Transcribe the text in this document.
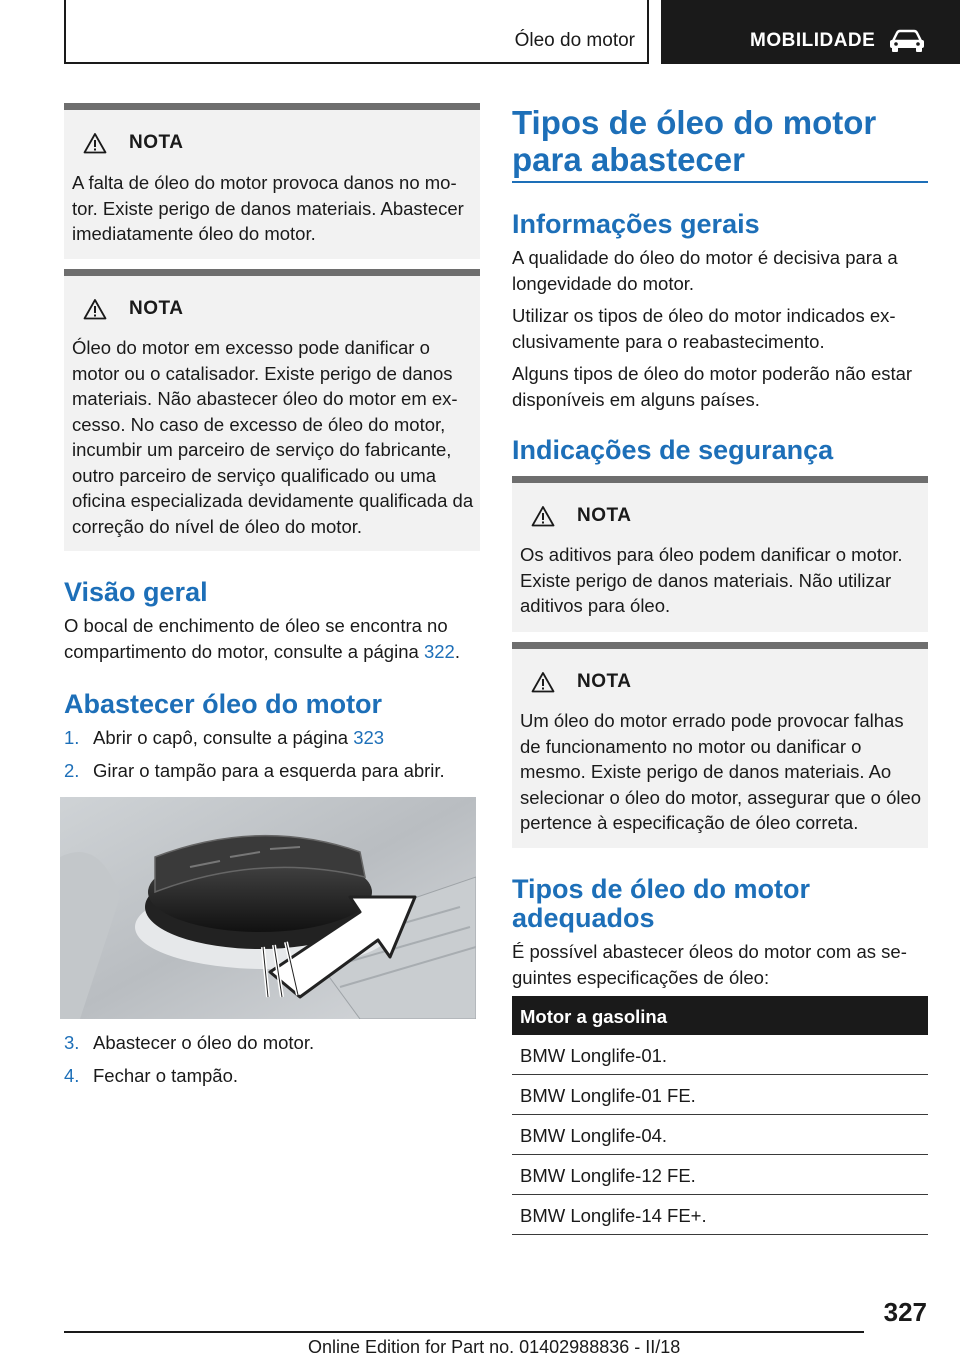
Óleo do motor	MOBILIDADE
NOTA
A falta de óleo do motor provoca danos no mo-tor. Existe perigo de danos materiais. Abastecer imediatamente óleo do motor.
NOTA
Óleo do motor em excesso pode danificar o motor ou o catalisador. Existe perigo de danos materiais. Não abastecer óleo do motor em ex-cesso. No caso de excesso de óleo do motor, incumbir um parceiro de serviço do fabricante, outro parceiro de serviço qualificado ou uma oficina especializada devidamente qualificada da correção do nível de óleo do motor.
Visão geral

O bocal de enchimento de óleo se encontra no compartimento do motor, consulte a página 322.

Abastecer óleo do motor
1. Abrir o capô, consulte a página 323
2. Girar o tampão para a esquerda para abrir.
3. Abastecer o óleo do motor.
4. Fechar o tampão.
Tipos de óleo do motor
para abastecer
Informações gerais

A qualidade do óleo do motor é decisiva para a longevidade do motor.

Utilizar os tipos de óleo do motor indicados ex-clusivamente para o reabastecimento.

Alguns tipos de óleo do motor poderão não estar disponíveis em alguns países.

Indicações de segurança
NOTA
Os aditivos para óleo podem danificar o motor. Existe perigo de danos materiais. Não utilizar aditivos para óleo.
NOTA
Um óleo do motor errado pode provocar falhas de funcionamento no motor ou danificar o mesmo. Existe perigo de danos materiais. Ao selecionar o óleo do motor, assegurar que o óleo pertence à especificação de óleo correta.
Tipos de óleo do motor
adequados

É possível abastecer óleos do motor com as se-guintes especificações de óleo:

Motor a gasolina
BMW Longlife-01.
BMW Longlife-01 FE.
BMW Longlife-04.
BMW Longlife-12 FE.
BMW Longlife-14 FE+.
327
Online Edition for Part no. 01402988836 - II/18
